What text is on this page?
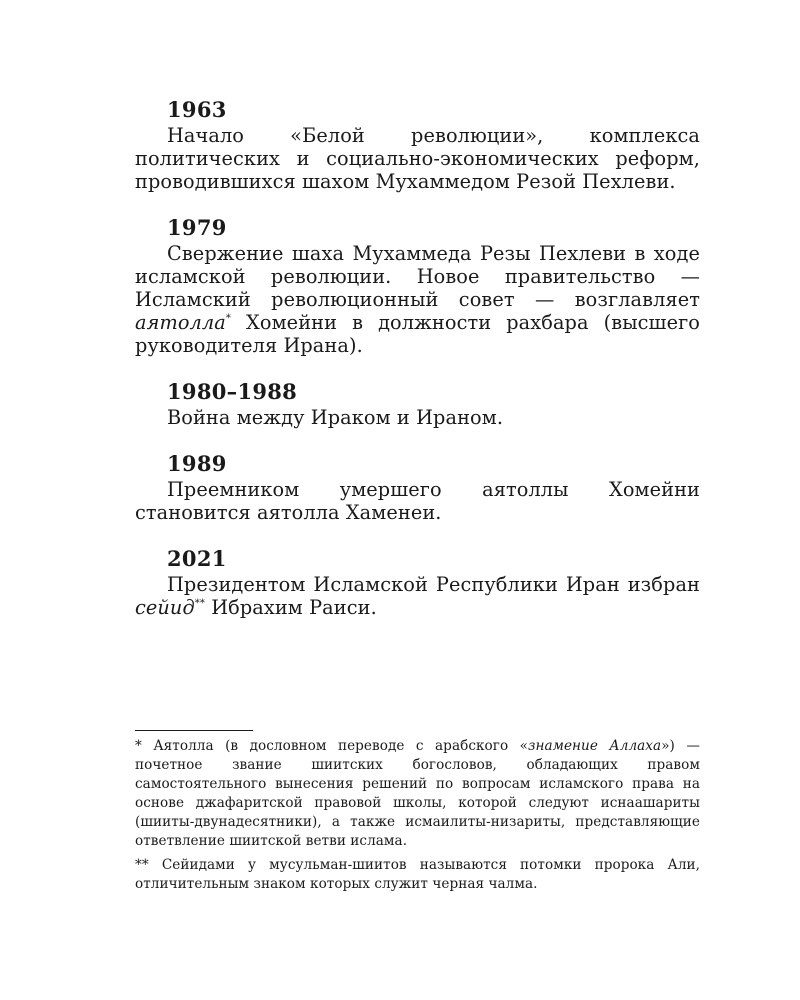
1963

Начало «Белой революции», комплекса политических и социально-экономических реформ, проводившихся шахом Мухаммедом Резой Пехлеви.

1979

Свержение шаха Мухаммеда Резы Пехлеви в ходе исламской революции. Новое правительство — Исламский революционный совет — возглавляет аятолла* Хомейни в должности рахбара (высшего руководителя Ирана).

1980–1988

Война между Ираком и Ираном.

1989

Преемником умершего аятоллы Хомейни становится аятолла Хаменеи.

2021

Президентом Исламской Республики Иран избран сейид** Ибрахим Раиси.

* Аятолла (в дословном переводе с арабского «знамение Аллаха») — почетное звание шиитских богословов, обладающих правом самостоятельного вынесения решений по вопросам исламского права на основе джафаритской правовой школы, которой следуют иснаашариты (шииты-двунадесятники), а также исмаилиты-низариты, представляющие ответвление шиитской ветви ислама.

** Сейидами у мусульман-шиитов называются потомки пророка Али, отличительным знаком которых служит черная чалма.
